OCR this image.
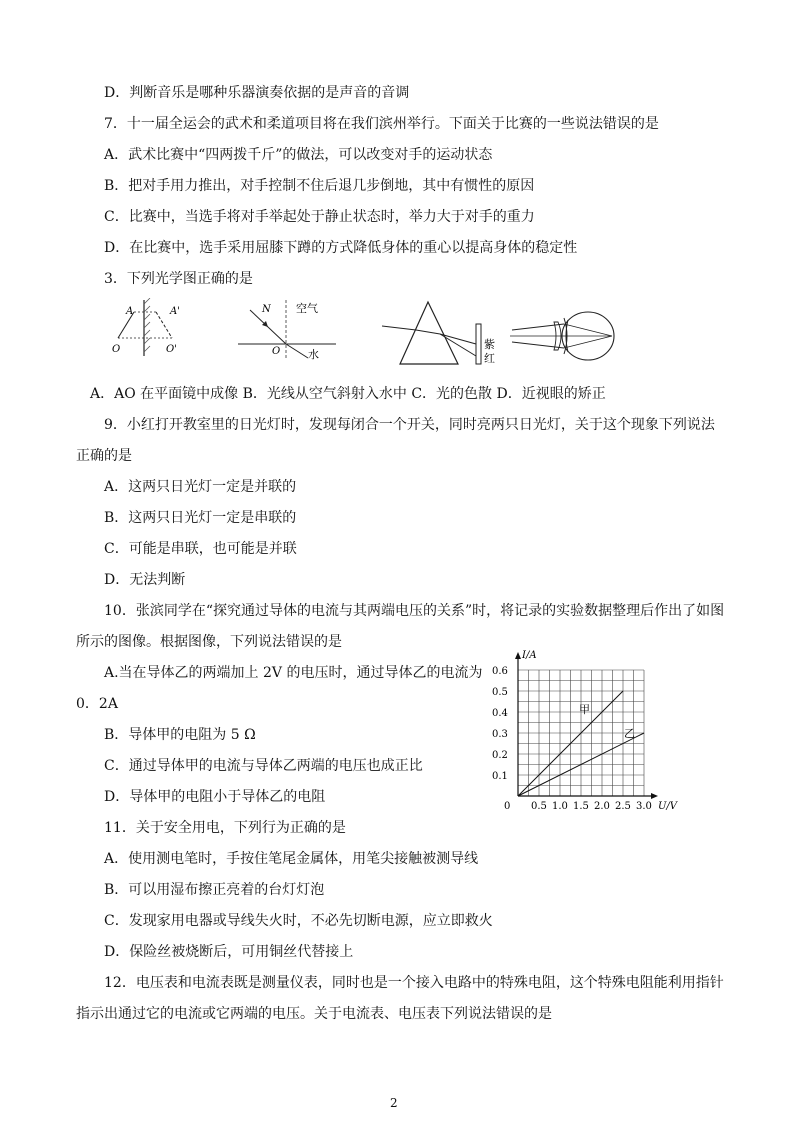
D．判断音乐是哪种乐器演奏依据的是声音的音调
7．十一届全运会的武术和柔道项目将在我们滨州举行。下面关于比赛的一些说法错误的是
A．武术比赛中“四两拨千斤”的做法，可以改变对手的运动状态
B．把对手用力推出，对手控制不住后退几步倒地，其中有惯性的原因
C．比赛中，当选手将对手举起处于静止状态时，举力大于对手的重力
D．在比赛中，选手采用屈膝下蹲的方式降低身体的重心以提高身体的稳定性
3．下列光学图正确的是
A	A'
O	O'
N 空气
O	水
紫
红
A．AO 在平面镜中成像 B．光线从空气斜射入水中 C．光的色散 D．近视眼的矫正
9．小红打开教室里的日光灯时，发现每闭合一个开关，同时亮两只日光灯，关于这个现象下列说法
正确的是
A．这两只日光灯一定是并联的
B．这两只日光灯一定是串联的
C．可能是串联，也可能是并联
D．无法判断
10．张滨同学在“探究通过导体的电流与其两端电压的关系”时，将记录的实验数据整理后作出了如图
所示的图像。根据图像，下列说法错误的是
A.当在导体乙的两端加上 2V 的电压时，通过导体乙的电流为
0．2A
B．导体甲的电阻为 5 Ω
C．通过导体甲的电流与导体乙两端的电压也成正比
D．导体甲的电阻小于导体乙的电阻
甲
乙
0.1
0.2
0.3
0.4
0.5
0.6
0.5 1.0 1.5 2.0 2.5 3.0
0
I/A
U/V
11．关于安全用电，下列行为正确的是
A．使用测电笔时，手按住笔尾金属体，用笔尖接触被测导线
B．可以用湿布擦正亮着的台灯灯泡
C．发现家用电器或导线失火时，不必先切断电源，应立即救火
D．保险丝被烧断后，可用铜丝代替接上
12．电压表和电流表既是测量仪表，同时也是一个接入电路中的特殊电阻，这个特殊电阻能利用指针
指示出通过它的电流或它两端的电压。关于电流表、电压表下列说法错误的是
2
